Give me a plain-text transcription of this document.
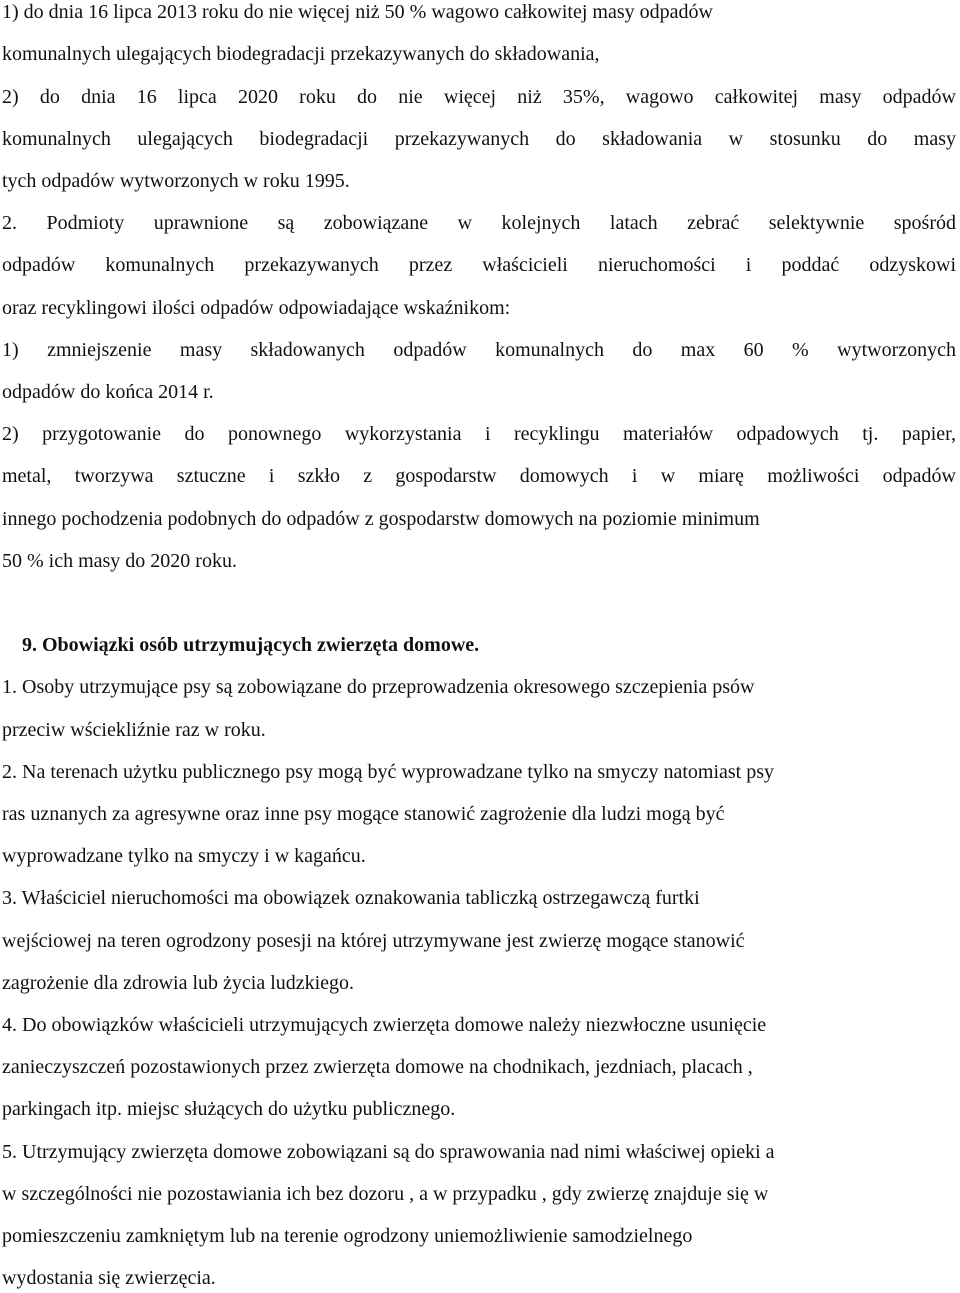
1) do dnia 16 lipca 2013 roku do nie więcej niż 50 % wagowo całkowitej masy odpadów
komunalnych ulegających biodegradacji przekazywanych do składowania,
2) do dnia 16 lipca 2020 roku do nie więcej niż 35%, wagowo całkowitej masy odpadów
komunalnych ulegających biodegradacji przekazywanych do składowania w stosunku do masy
tych odpadów wytworzonych w roku 1995.
2. Podmioty uprawnione są zobowiązane w kolejnych latach zebrać selektywnie spośród
odpadów komunalnych przekazywanych przez właścicieli nieruchomości i poddać odzyskowi
oraz recyklingowi ilości odpadów odpowiadające wskaźnikom:
1) zmniejszenie masy składowanych odpadów komunalnych do max 60 % wytworzonych
odpadów do końca 2014 r.
2) przygotowanie do ponownego wykorzystania i recyklingu materiałów odpadowych tj. papier,
metal, tworzywa sztuczne i szkło z gospodarstw domowych i w miarę możliwości odpadów
innego pochodzenia podobnych do odpadów z gospodarstw domowych na poziomie minimum
50 % ich masy do 2020 roku.
9. Obowiązki osób utrzymujących zwierzęta domowe.
1. Osoby utrzymujące psy są zobowiązane do przeprowadzenia okresowego szczepienia psów
przeciw wściekliźnie raz w roku.
2. Na terenach użytku publicznego psy mogą być wyprowadzane tylko na smyczy natomiast psy
ras uznanych za agresywne oraz inne psy mogące stanowić zagrożenie dla ludzi mogą być
wyprowadzane tylko na smyczy i w kagańcu.
3. Właściciel nieruchomości ma obowiązek oznakowania tabliczką ostrzegawczą furtki
wejściowej na teren ogrodzony posesji na której utrzymywane jest zwierzę mogące stanowić
zagrożenie dla zdrowia lub życia ludzkiego.
4. Do obowiązków właścicieli utrzymujących zwierzęta domowe należy niezwłoczne usunięcie
zanieczyszczeń pozostawionych przez zwierzęta domowe na chodnikach, jezdniach, placach ,
parkingach itp. miejsc służących do użytku publicznego.
5. Utrzymujący zwierzęta domowe zobowiązani są do sprawowania nad nimi właściwej opieki a
w szczególności nie pozostawiania ich bez dozoru , a w przypadku , gdy zwierzę znajduje się w
pomieszczeniu zamkniętym lub na terenie ogrodzony uniemożliwienie samodzielnego
wydostania się zwierzęcia.
